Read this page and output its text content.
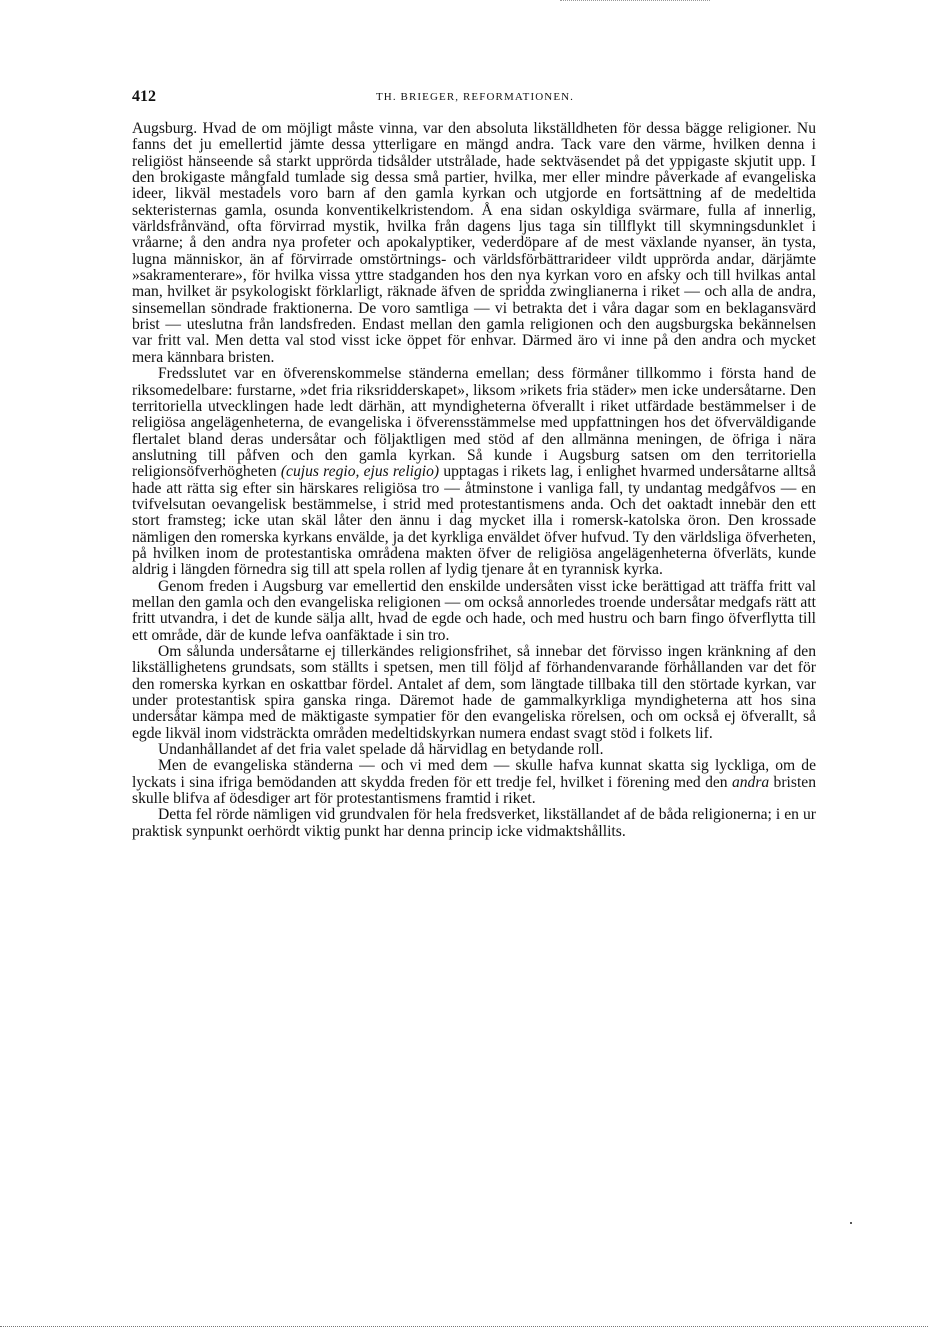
412	TH. BRIEGER, REFORMATIONEN.

Augsburg. Hvad de om möjligt måste vinna, var den absoluta likställdheten för dessa bägge religioner. Nu fanns det ju emellertid jämte dessa ytterligare en mängd andra. Tack vare den värme, hvilken denna i religiöst hänseende så starkt upprörda tidsålder utstrålade, hade sektväsendet på det yppigaste skjutit upp. I den brokigaste mångfald tumlade sig dessa små partier, hvilka, mer eller mindre påverkade af evangeliska ideer, likväl mestadels voro barn af den gamla kyrkan och utgjorde en fortsättning af de medeltida sekteristernas gamla, osunda konventikelkristendom. Å ena sidan oskyldiga svärmare, fulla af innerlig, världsfrånvänd, ofta förvirrad mystik, hvilka från dagens ljus taga sin tillflykt till skymningsdunklet i vråarne; å den andra nya profeter och apokalyptiker, vederdöpare af de mest växlande nyanser, än tysta, lugna människor, än af förvirrade omstörtnings- och världsförbättrarideer vildt upprörda andar, därjämte »sakramenterare», för hvilka vissa yttre stadganden hos den nya kyrkan voro en afsky och till hvilkas antal man, hvilket är psykologiskt förklarligt, räknade äfven de spridda zwinglianerna i riket — och alla de andra, sinsemellan söndrade fraktionerna. De voro samtliga — vi betrakta det i våra dagar som en beklagansvärd brist — uteslutna från landsfreden. Endast mellan den gamla religionen och den augsburgska bekännelsen var fritt val. Men detta val stod visst icke öppet för enhvar. Därmed äro vi inne på den andra och mycket mera kännbara bristen.

Fredsslutet var en öfverenskommelse ständerna emellan; dess förmåner tillkommo i första hand de riksomedelbare: furstarne, »det fria riksridderskapet», liksom »rikets fria städer» men icke undersåtarne. Den territoriella utvecklingen hade ledt därhän, att myndigheterna öfverallt i riket utfärdade bestämmelser i de religiösa angelägenheterna, de evangeliska i öfverensstämmelse med uppfattningen hos det öfverväldigande flertalet bland deras undersåtar och följaktligen med stöd af den allmänna meningen, de öfriga i nära anslutning till påfven och den gamla kyrkan. Så kunde i Augsburg satsen om den territoriella religionsöfverhögheten (cujus regio, ejus religio) upptagas i rikets lag, i enlighet hvarmed undersåtarne alltså hade att rätta sig efter sin härskares religiösa tro — åtminstone i vanliga fall, ty undantag medgåfvos — en tvifvelsutan oevangelisk bestämmelse, i strid med protestantismens anda. Och det oaktadt innebär den ett stort framsteg; icke utan skäl låter den ännu i dag mycket illa i romersk-katolska öron. Den krossade nämligen den romerska kyrkans envälde, ja det kyrkliga enväldet öfver hufvud. Ty den världsliga öfverheten, på hvilken inom de protestantiska områdena makten öfver de religiösa angelägenheterna öfverläts, kunde aldrig i längden förnedra sig till att spela rollen af lydig tjenare åt en tyrannisk kyrka.

Genom freden i Augsburg var emellertid den enskilde undersåten visst icke berättigad att träffa fritt val mellan den gamla och den evangeliska religionen — om också annorledes troende undersåtar medgafs rätt att fritt utvandra, i det de kunde sälja allt, hvad de egde och hade, och med hustru och barn fingo öfverflytta till ett område, där de kunde lefva oanfäktade i sin tro.

Om sålunda undersåtarne ej tillerkändes religionsfrihet, så innebar det förvisso ingen kränkning af den likställighetens grundsats, som ställts i spetsen, men till följd af förhandenvarande förhållanden var det för den romerska kyrkan en oskattbar fördel. Antalet af dem, som längtade tillbaka till den störtade kyrkan, var under protestantisk spira ganska ringa. Däremot hade de gammalkyrkliga myndigheterna att hos sina undersåtar kämpa med de mäktigaste sympatier för den evangeliska rörelsen, och om också ej öfverallt, så egde likväl inom vidsträckta områden medeltidskyrkan numera endast svagt stöd i folkets lif.

Undanhållandet af det fria valet spelade då härvidlag en betydande roll.

Men de evangeliska ständerna — och vi med dem — skulle hafva kunnat skatta sig lyckliga, om de lyckats i sina ifriga bemödanden att skydda freden för ett tredje fel, hvilket i förening med den andra bristen skulle blifva af ödesdiger art för protestantismens framtid i riket.

Detta fel rörde nämligen vid grundvalen för hela fredsverket, likställandet af de båda religionerna; i en ur praktisk synpunkt oerhördt viktig punkt har denna princip icke vidmaktshållits.
